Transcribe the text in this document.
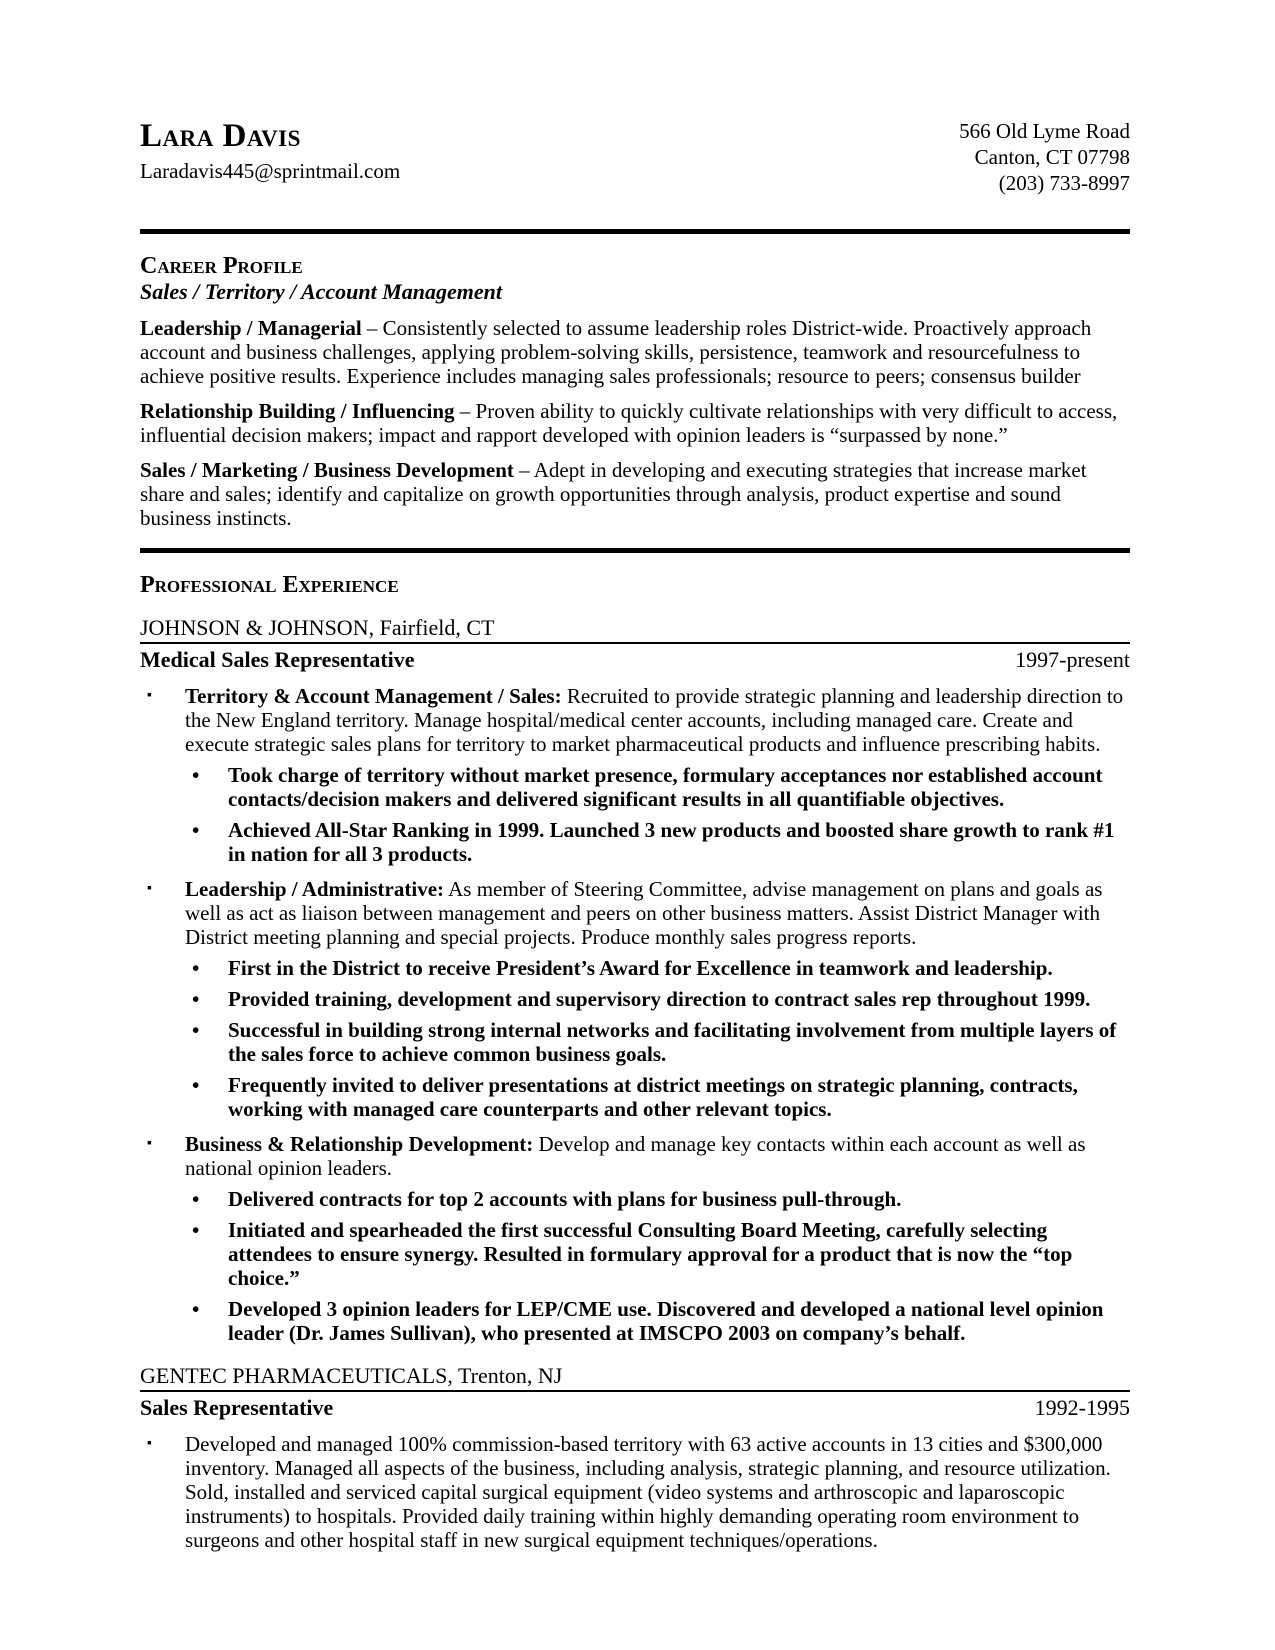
Lara Davis
Laradavis445@sprintmail.com
566 Old Lyme Road
Canton, CT 07798
(203) 733-8997
Career Profile
Sales / Territory / Account Management

Leadership / Managerial – Consistently selected to assume leadership roles District-wide. Proactively approach account and business challenges, applying problem-solving skills, persistence, teamwork and resourcefulness to achieve positive results. Experience includes managing sales professionals; resource to peers; consensus builder

Relationship Building / Influencing – Proven ability to quickly cultivate relationships with very difficult to access, influential decision makers; impact and rapport developed with opinion leaders is “surpassed by none.”

Sales / Marketing / Business Development – Adept in developing and executing strategies that increase market share and sales; identify and capitalize on growth opportunities through analysis, product expertise and sound business instincts.

Professional Experience
JOHNSON & JOHNSON, Fairfield, CT
Medical Sales Representative	1997-present
▪	Territory & Account Management / Sales: Recruited to provide strategic planning and leadership direction to the New England territory. Manage hospital/medical center accounts, including managed care. Create and execute strategic sales plans for territory to market pharmaceutical products and influence prescribing habits.
•	Took charge of territory without market presence, formulary acceptances nor established account contacts/decision makers and delivered significant results in all quantifiable objectives.
•	Achieved All-Star Ranking in 1999. Launched 3 new products and boosted share growth to rank #1 in nation for all 3 products.
▪	Leadership / Administrative: As member of Steering Committee, advise management on plans and goals as well as act as liaison between management and peers on other business matters. Assist District Manager with District meeting planning and special projects. Produce monthly sales progress reports.
•	First in the District to receive President’s Award for Excellence in teamwork and leadership.
•	Provided training, development and supervisory direction to contract sales rep throughout 1999.
•	Successful in building strong internal networks and facilitating involvement from multiple layers of the sales force to achieve common business goals.
•	Frequently invited to deliver presentations at district meetings on strategic planning, contracts, working with managed care counterparts and other relevant topics.
▪	Business & Relationship Development: Develop and manage key contacts within each account as well as national opinion leaders.
•	Delivered contracts for top 2 accounts with plans for business pull-through.
•	Initiated and spearheaded the first successful Consulting Board Meeting, carefully selecting attendees to ensure synergy. Resulted in formulary approval for a product that is now the “top choice.”
•	Developed 3 opinion leaders for LEP/CME use. Discovered and developed a national level opinion leader (Dr. James Sullivan), who presented at IMSCPO 2003 on company’s behalf.
GENTEC PHARMACEUTICALS, Trenton, NJ
Sales Representative	1992-1995
▪	Developed and managed 100% commission-based territory with 63 active accounts in 13 cities and $300,000 inventory. Managed all aspects of the business, including analysis, strategic planning, and resource utilization. Sold, installed and serviced capital surgical equipment (video systems and arthroscopic and laparoscopic instruments) to hospitals. Provided daily training within highly demanding operating room environment to surgeons and other hospital staff in new surgical equipment techniques/operations.
